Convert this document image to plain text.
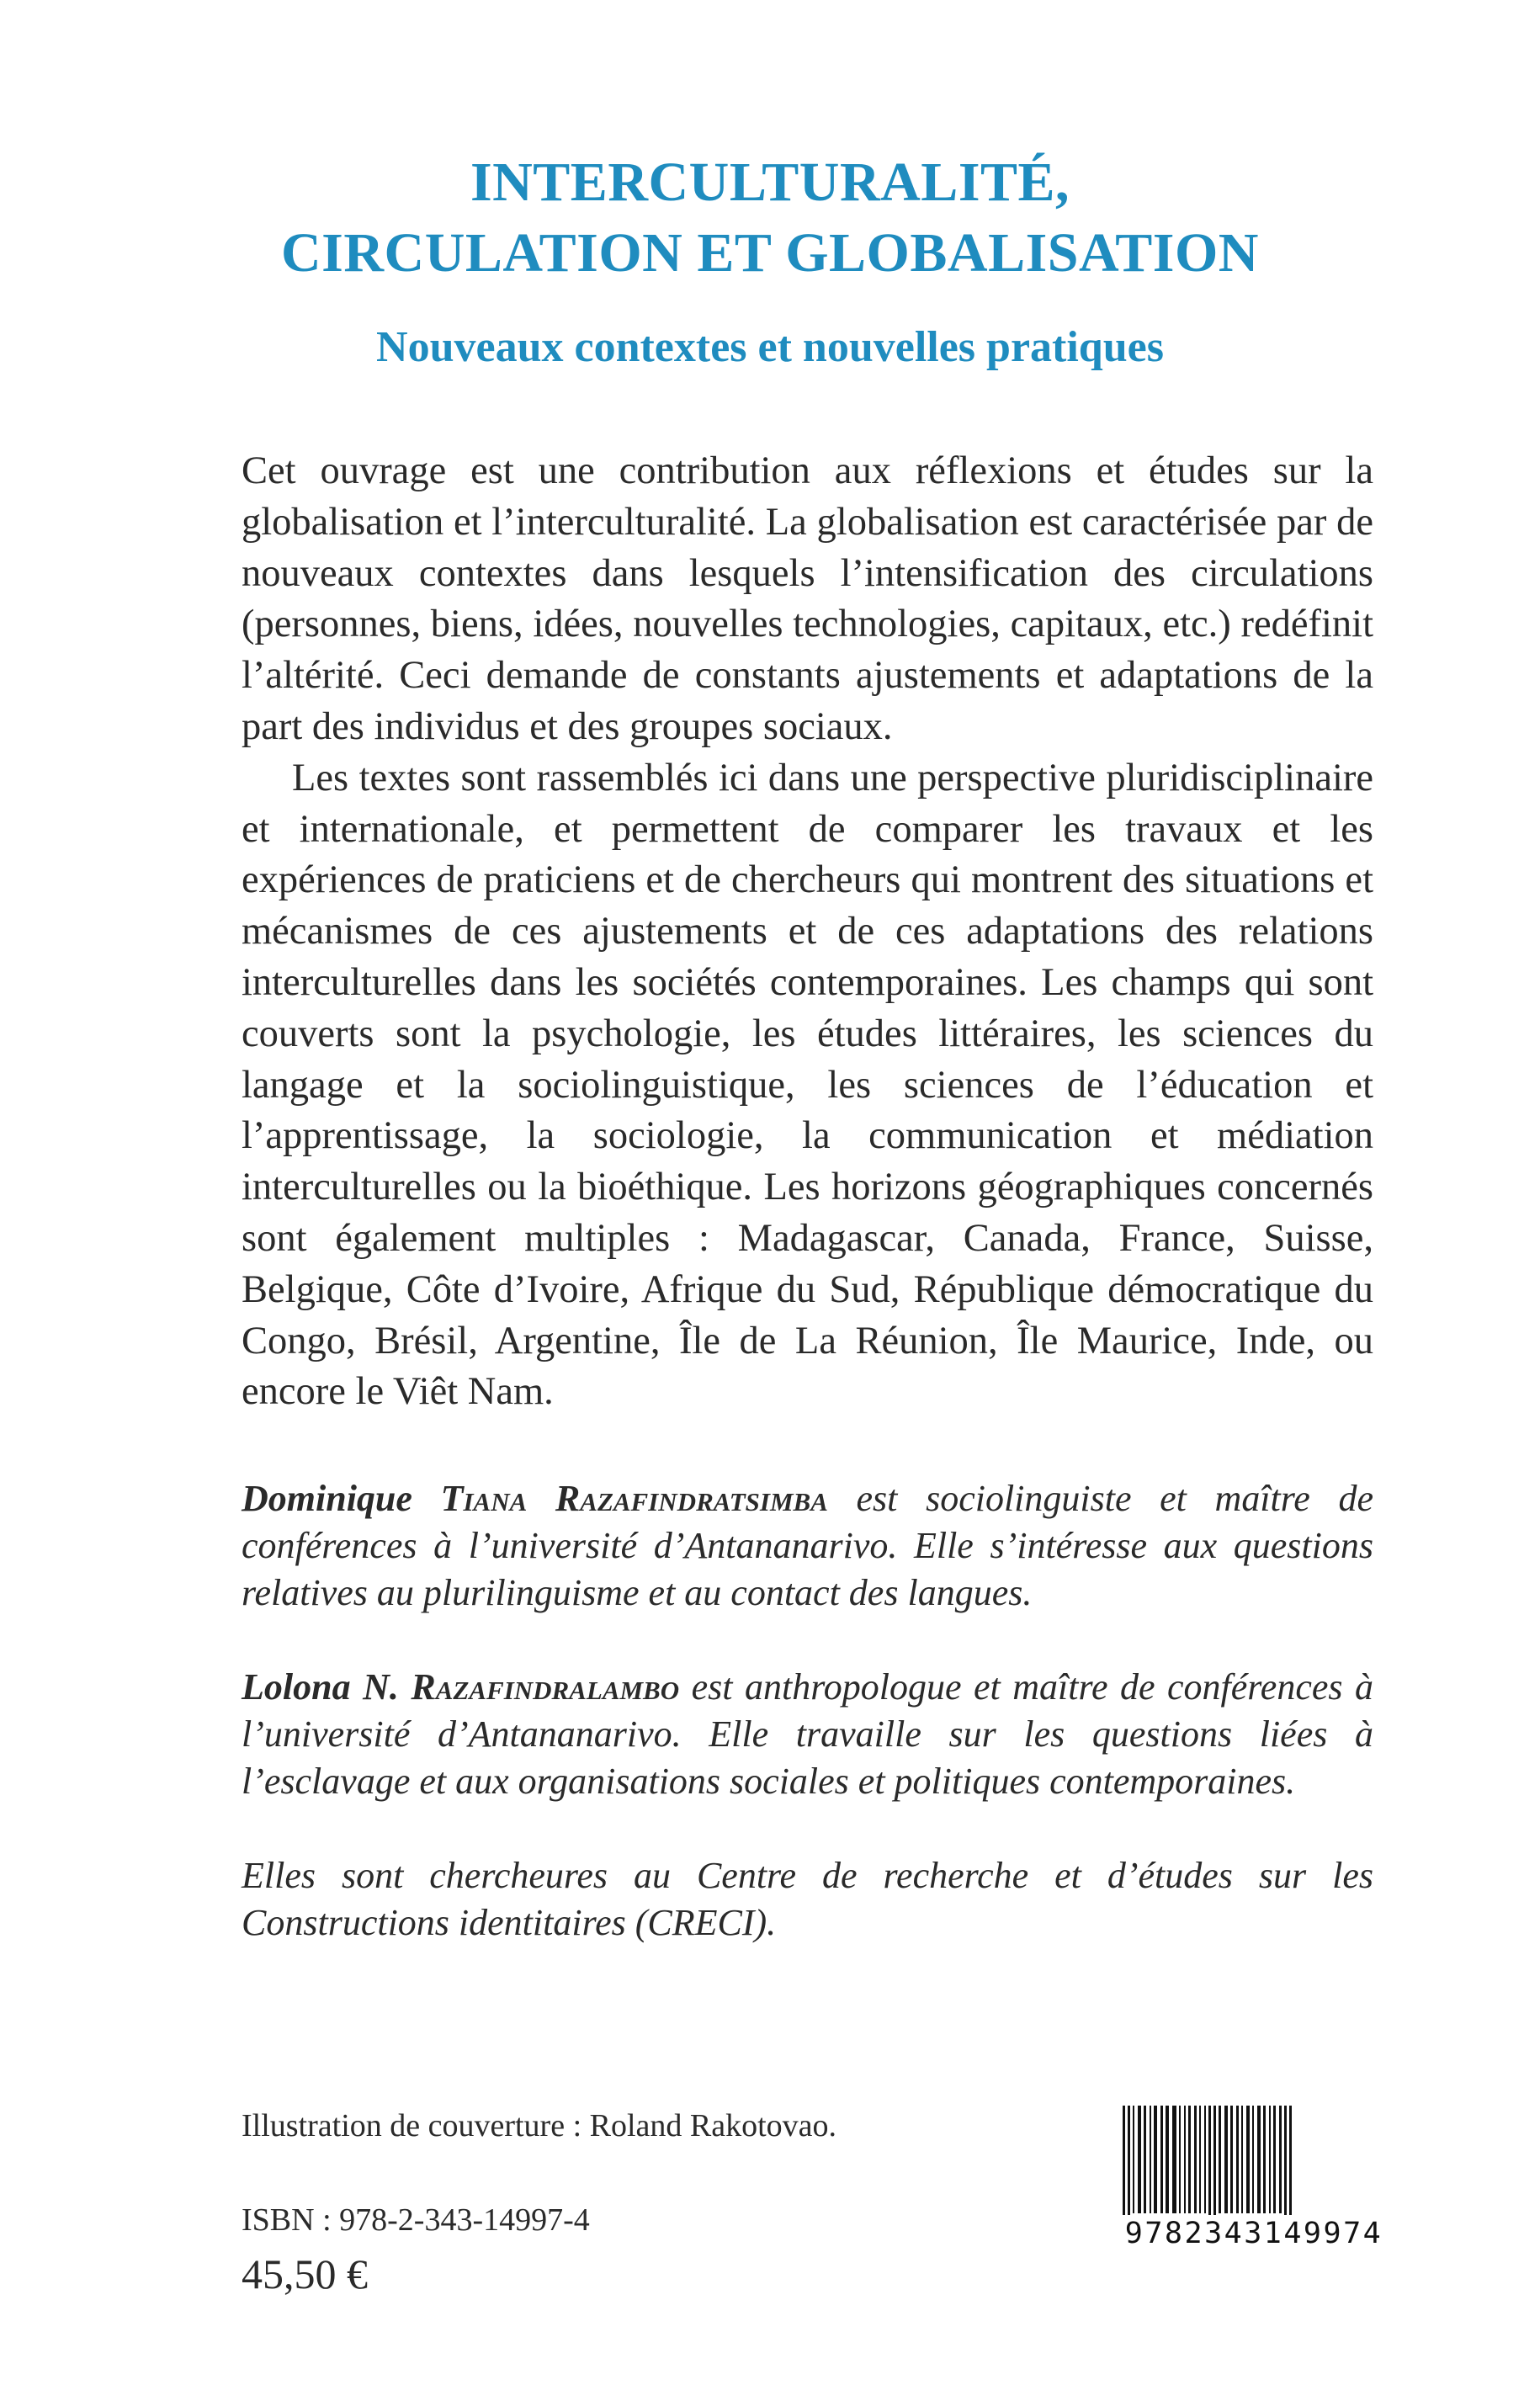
INTERCULTURALITÉ,
CIRCULATION ET GLOBALISATION
Nouveaux contextes et nouvelles pratiques

Cet ouvrage est une contribution aux réflexions et études sur la globalisation et l’interculturalité. La globalisation est caractérisée par de nouveaux contextes dans lesquels l’intensification des circulations (personnes, biens, idées, nouvelles technologies, capitaux, etc.) redéfinit l’altérité. Ceci demande de constants ajustements et adaptations de la part des individus et des groupes sociaux.

Les textes sont rassemblés ici dans une perspective pluridisciplinaire et internationale, et permettent de comparer les travaux et les expériences de praticiens et de chercheurs qui montrent des situations et mécanismes de ces ajustements et de ces adaptations des relations interculturelles dans les sociétés contemporaines. Les champs qui sont couverts sont la psychologie, les études littéraires, les sciences du langage et la sociolinguistique, les sciences de l’éducation et l’apprentissage, la sociologie, la communication et médiation interculturelles ou la bioéthique. Les horizons géographiques concernés sont également multiples : Madagascar, Canada, France, Suisse, Belgique, Côte d’Ivoire, Afrique du Sud, République démocratique du Congo, Brésil, Argentine, Île de La Réunion, Île Maurice, Inde, ou encore le Viêt Nam.

Dominique Tiana Razafindratsimba est sociolinguiste et maître de conférences à l’université d’Antananarivo. Elle s’intéresse aux questions relatives au plurilinguisme et au contact des langues.

Lolona N. Razafindralambo est anthropologue et maître de conférences à l’université d’Antananarivo. Elle travaille sur les questions liées à l’esclavage et aux organisations sociales et politiques contemporaines.

Elles sont chercheures au Centre de recherche et d’études sur les Constructions identitaires (CRECI).

Illustration de couverture : Roland Rakotovao.
ISBN : 978-2-343-14997-4
45,50 €
9782343149974
